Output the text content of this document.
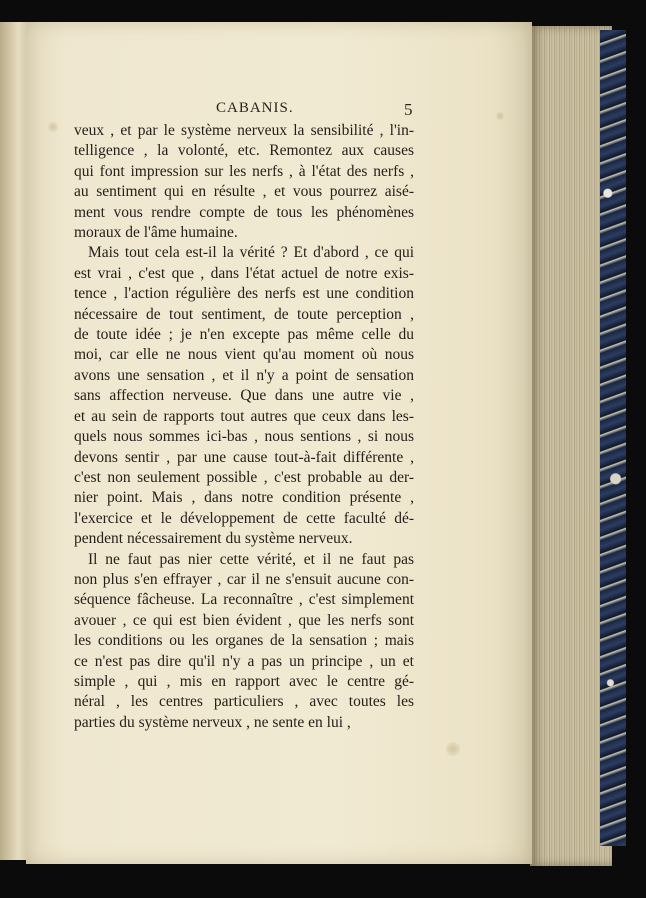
CABANIS.	5
veux , et par le système nerveux la sensibilité , l'in-
telligence , la volonté, etc. Remontez aux causes
qui font impression sur les nerfs , à l'état des nerfs ,
au sentiment qui en résulte , et vous pourrez aisé-
ment vous rendre compte de tous les phénomènes
moraux de l'âme humaine.
Mais tout cela est-il la vérité ? Et d'abord , ce qui
est vrai , c'est que , dans l'état actuel de notre exis-
tence , l'action régulière des nerfs est une condition
nécessaire de tout sentiment, de toute perception ,
de toute idée ; je n'en excepte pas même celle du
moi, car elle ne nous vient qu'au moment où nous
avons une sensation , et il n'y a point de sensation
sans affection nerveuse. Que dans une autre vie ,
et au sein de rapports tout autres que ceux dans les-
quels nous sommes ici-bas , nous sentions , si nous
devons sentir , par une cause tout-à-fait différente ,
c'est non seulement possible , c'est probable au der-
nier point. Mais , dans notre condition présente ,
l'exercice et le développement de cette faculté dé-
pendent nécessairement du système nerveux.
Il ne faut pas nier cette vérité, et il ne faut pas
non plus s'en effrayer , car il ne s'ensuit aucune con-
séquence fâcheuse. La reconnaître , c'est simplement
avouer , ce qui est bien évident , que les nerfs sont
les conditions ou les organes de la sensation ; mais
ce n'est pas dire qu'il n'y a pas un principe , un et
simple , qui , mis en rapport avec le centre gé-
néral , les centres particuliers , avec toutes les
parties du système nerveux , ne sente en lui ,
